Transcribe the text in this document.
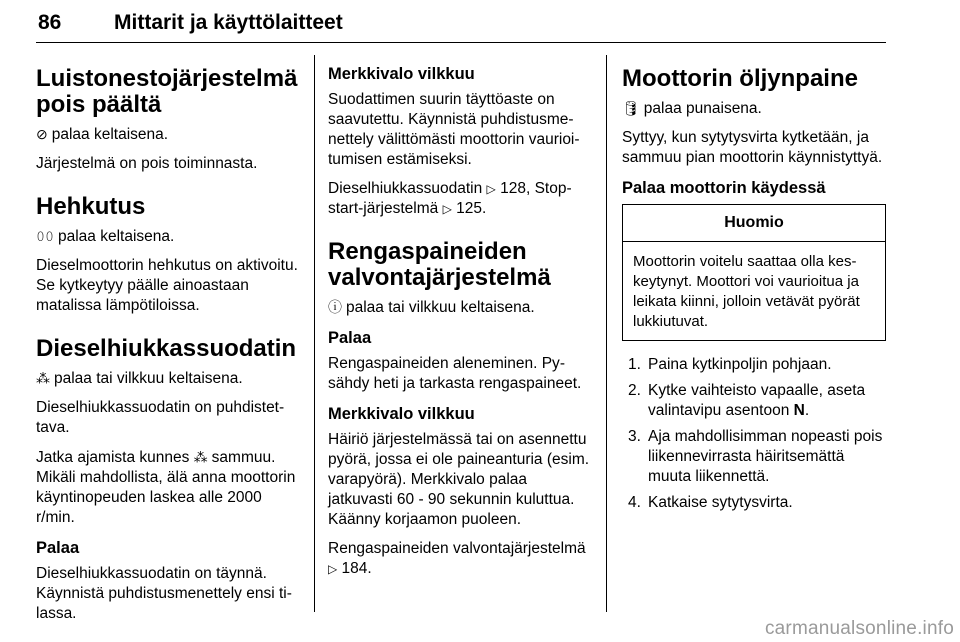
86	Mittarit ja käyttölaitteet
Luistonestojärjestelmä pois päältä

⊘ palaa keltaisena.

Järjestelmä on pois toiminnasta.

Hehkutus

𝟶𝟶 palaa keltaisena.

Dieselmoottorin hehkutus on aktivoitu. Se kytkeytyy päälle ainoastaan matalissa lämpötiloissa.

Dieselhiukkassuodatin

⁂ palaa tai vilkkuu keltaisena.

Dieselhiukkassuodatin on puhdistettava.

Jatka ajamista kunnes ⁂ sammuu. Mikäli mahdollista, älä anna moottorin käyntinopeuden laskea alle 2000 r/min.

Palaa

Dieselhiukkassuodatin on täynnä. Käynnistä puhdistusmenettely ensi tilassa.

Merkkivalo vilkkuu

Suodattimen suurin täyttöaste on saavutettu. Käynnistä puhdistusmenettely välittömästi moottorin vaurioitumisen estämiseksi.

Dieselhiukkassuodatin ▷ 128, Stop-start-järjestelmä ▷ 125.

Rengaspaineiden valvontajärjestelmä

ⓘ palaa tai vilkkuu keltaisena.

Palaa

Rengaspaineiden aleneminen. Pysähdy heti ja tarkasta rengaspaineet.

Merkkivalo vilkkuu

Häiriö järjestelmässä tai on asennettu pyörä, jossa ei ole paineanturia (esim. varapyörä). Merkkivalo palaa jatkuvasti 60 - 90 sekunnin kuluttua. Käänny korjaamon puoleen.

Rengaspaineiden valvontajärjestelmä ▷ 184.

Moottorin öljynpaine

🛢 palaa punaisena.

Syttyy, kun sytytysvirta kytketään, ja sammuu pian moottorin käynnistyttyä.

Palaa moottorin käydessä
Huomio
Moottorin voitelu saattaa olla keskeytynyt. Moottori voi vaurioitua ja leikata kiinni, jolloin vetävät pyörät lukkiutuvat.
1. Paina kytkinpoljin pohjaan.
2. Kytke vaihteisto vapaalle, aseta valintavipu asentoon N.
3. Aja mahdollisimman nopeasti pois liikennevirrasta häiritsemättä muuta liikennettä.
4. Katkaise sytytysvirta.
carmanualsonline.info
